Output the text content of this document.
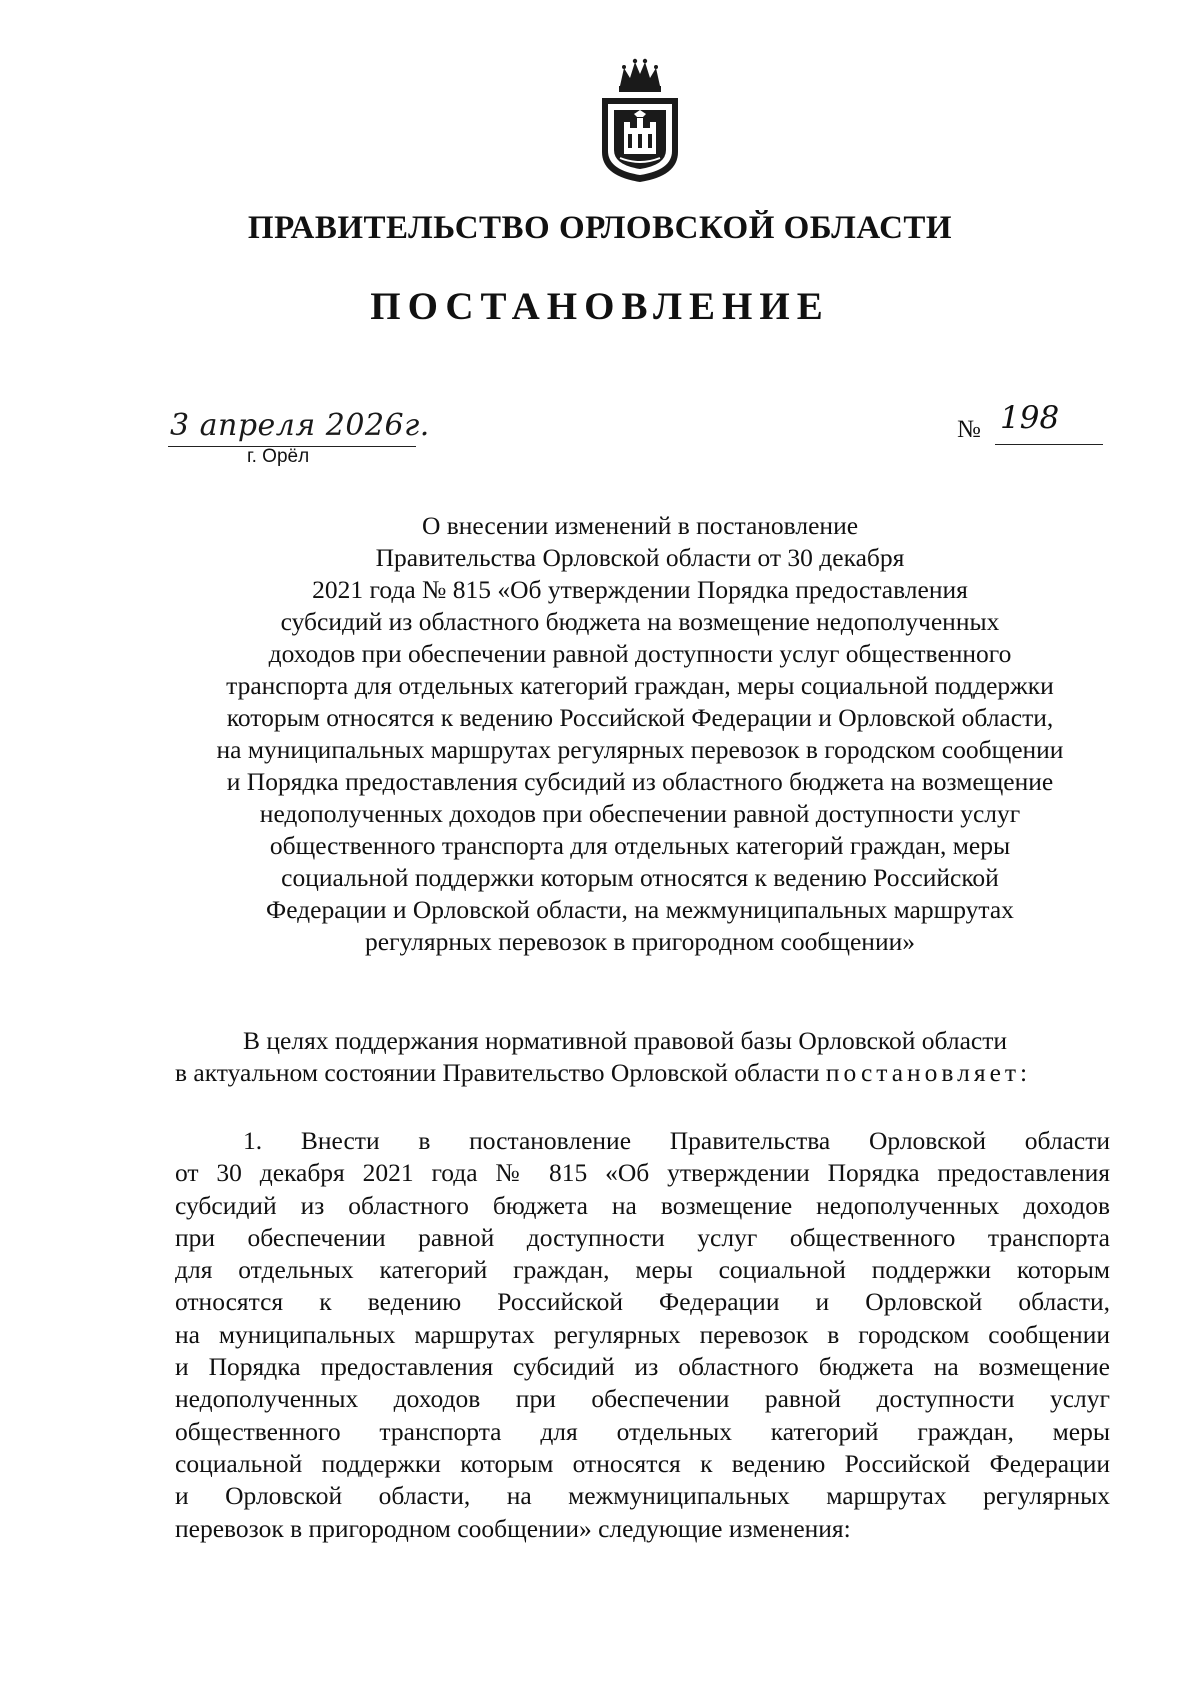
ПРАВИТЕЛЬСТВО ОРЛОВСКОЙ ОБЛАСТИ
ПОСТАНОВЛЕНИЕ
3 апреля 2026г.
г. Орёл
№ 198
О внесении изменений в постановление
Правительства Орловской области от 30 декабря
2021 года № 815 «Об утверждении Порядка предоставления
субсидий из областного бюджета на возмещение недополученных
доходов при обеспечении равной доступности услуг общественного
транспорта для отдельных категорий граждан, меры социальной поддержки
которым относятся к ведению Российской Федерации и Орловской области,
на муниципальных маршрутах регулярных перевозок в городском сообщении
и Порядка предоставления субсидий из областного бюджета на возмещение
недополученных доходов при обеспечении равной доступности услуг
общественного транспорта для отдельных категорий граждан, меры
социальной поддержки которым относятся к ведению Российской
Федерации и Орловской области, на межмуниципальных маршрутах
регулярных перевозок в пригородном сообщении»
В целях поддержания нормативной правовой базы Орловской области
в актуальном состоянии Правительство Орловской области постановляет:
1. Внести в постановление Правительства Орловской области
от 30 декабря 2021 года № 815 «Об утверждении Порядка предоставления
субсидий из областного бюджета на возмещение недополученных доходов
при обеспечении равной доступности услуг общественного транспорта
для отдельных категорий граждан, меры социальной поддержки которым
относятся к ведению Российской Федерации и Орловской области,
на муниципальных маршрутах регулярных перевозок в городском сообщении
и Порядка предоставления субсидий из областного бюджета на возмещение
недополученных доходов при обеспечении равной доступности услуг
общественного транспорта для отдельных категорий граждан, меры
социальной поддержки которым относятся к ведению Российской Федерации
и Орловской области, на межмуниципальных маршрутах регулярных
перевозок в пригородном сообщении» следующие изменения:
